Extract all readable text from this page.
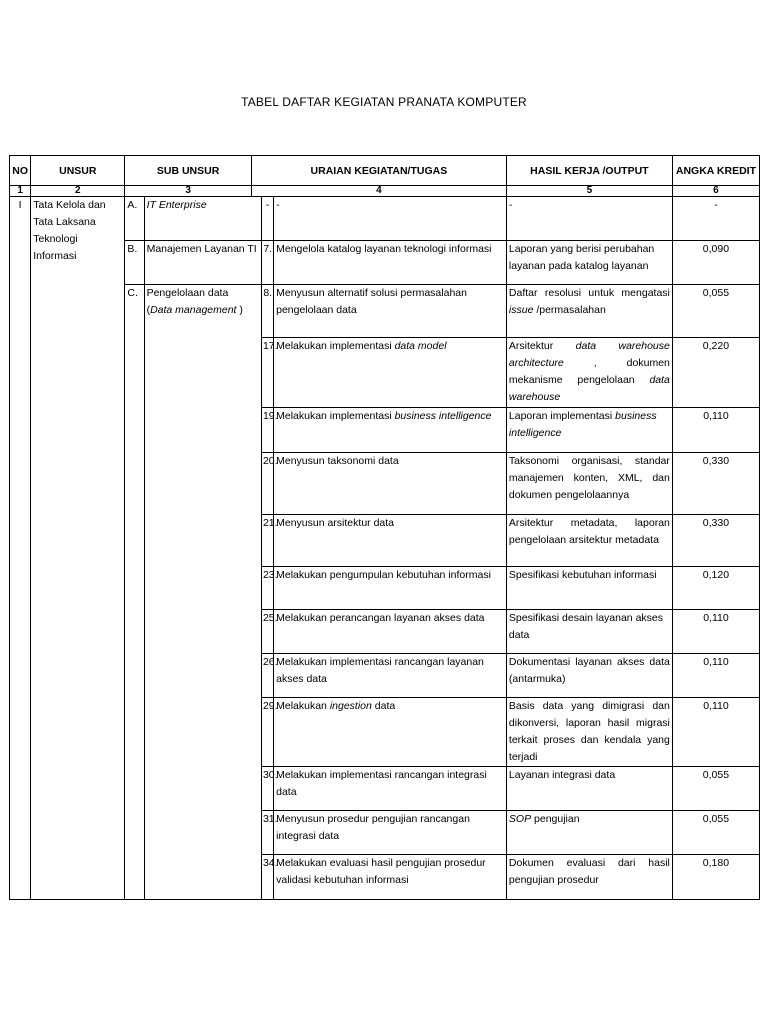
TABEL DAFTAR KEGIATAN PRANATA KOMPUTER
NO	UNSUR	SUB UNSUR		URAIAN KEGIATAN/TUGAS			HASIL KERJA /OUTPUT	ANGKA KREDIT
1	2	3		4			5	6
I	Tata Kelola dan Tata Laksana Teknologi Informasi	A.	IT Enterprise		-	-	-	-
		B.	Manajemen Layanan TI		7.	Mengelola katalog layanan teknologi informasi	Laporan yang berisi perubahan layanan pada katalog layanan	0,090
		C.	Pengelolaan data (Data management )		8.	Menyusun alternatif solusi permasalahan pengelolaan data	Daftar resolusi untuk mengatasi issue /permasalahan	0,055
					17.	Melakukan implementasi data model	Arsitektur data warehouse architecture , dokumen mekanisme pengelolaan data warehouse	0,220
					19.	Melakukan implementasi business intelligence	Laporan implementasi business intelligence	0,110
					20.	Menyusun taksonomi data	Taksonomi organisasi, standar manajemen konten, XML, dan dokumen pengelolaannya	0,330
					21.	Menyusun arsitektur data	Arsitektur metadata, laporan pengelolaan arsitektur metadata	0,330
					23.	Melakukan pengumpulan kebutuhan informasi	Spesifikasi kebutuhan informasi	0,120
					25.	Melakukan perancangan layanan akses data	Spesifikasi desain layanan akses data	0,110
					26.	Melakukan implementasi rancangan layanan akses data	Dokumentasi layanan akses data (antarmuka)	0,110
					29.	Melakukan ingestion data	Basis data yang dimigrasi dan dikonversi, laporan hasil migrasi terkait proses dan kendala yang terjadi	0,110
					30.	Melakukan implementasi rancangan integrasi data	Layanan integrasi data	0,055
					31.	Menyusun prosedur pengujian rancangan integrasi data	SOP pengujian	0,055
					34.	Melakukan evaluasi hasil pengujian prosedur validasi kebutuhan informasi	Dokumen evaluasi dari hasil pengujian prosedur	0,180
